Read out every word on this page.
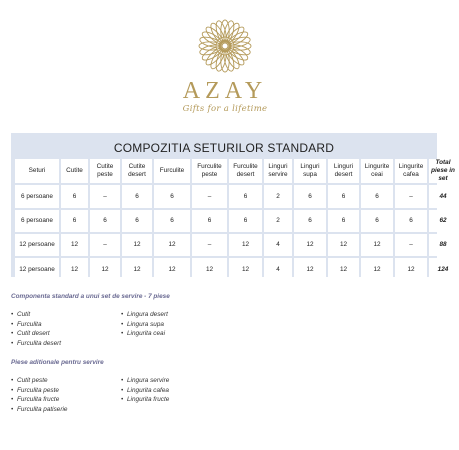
AZAY
Gifts for a lifetime
COMPOZITIA SETURILOR STANDARD
Seturi	Cutite	Cutite peste	Cutite desert	Furculite	Furculite peste	Furculite desert	Linguri servire	Linguri supa	Linguri desert	Lingurite ceai	Lingurite cafea	Total piese in set
6 persoane	6	–	6	6	–	6	2	6	6	6	–	44
6 persoane	6	6	6	6	6	6	2	6	6	6	6	62
12 persoane	12	–	12	12	–	12	4	12	12	12	–	88
12 persoane	12	12	12	12	12	12	4	12	12	12	12	124
Componenta standard a unui set de servire - 7 piese
• Cutit
• Furculita
• Cutit desert
• Furculita desert
• Lingura desert
• Lingura supa
• Lingurita ceai
Piese aditionale pentru servire
• Cutit peste
• Furculita peste
• Furculita fructe
• Furculita patiserie
• Lingura servire
• Lingurita cafea
• Lingurita fructe
